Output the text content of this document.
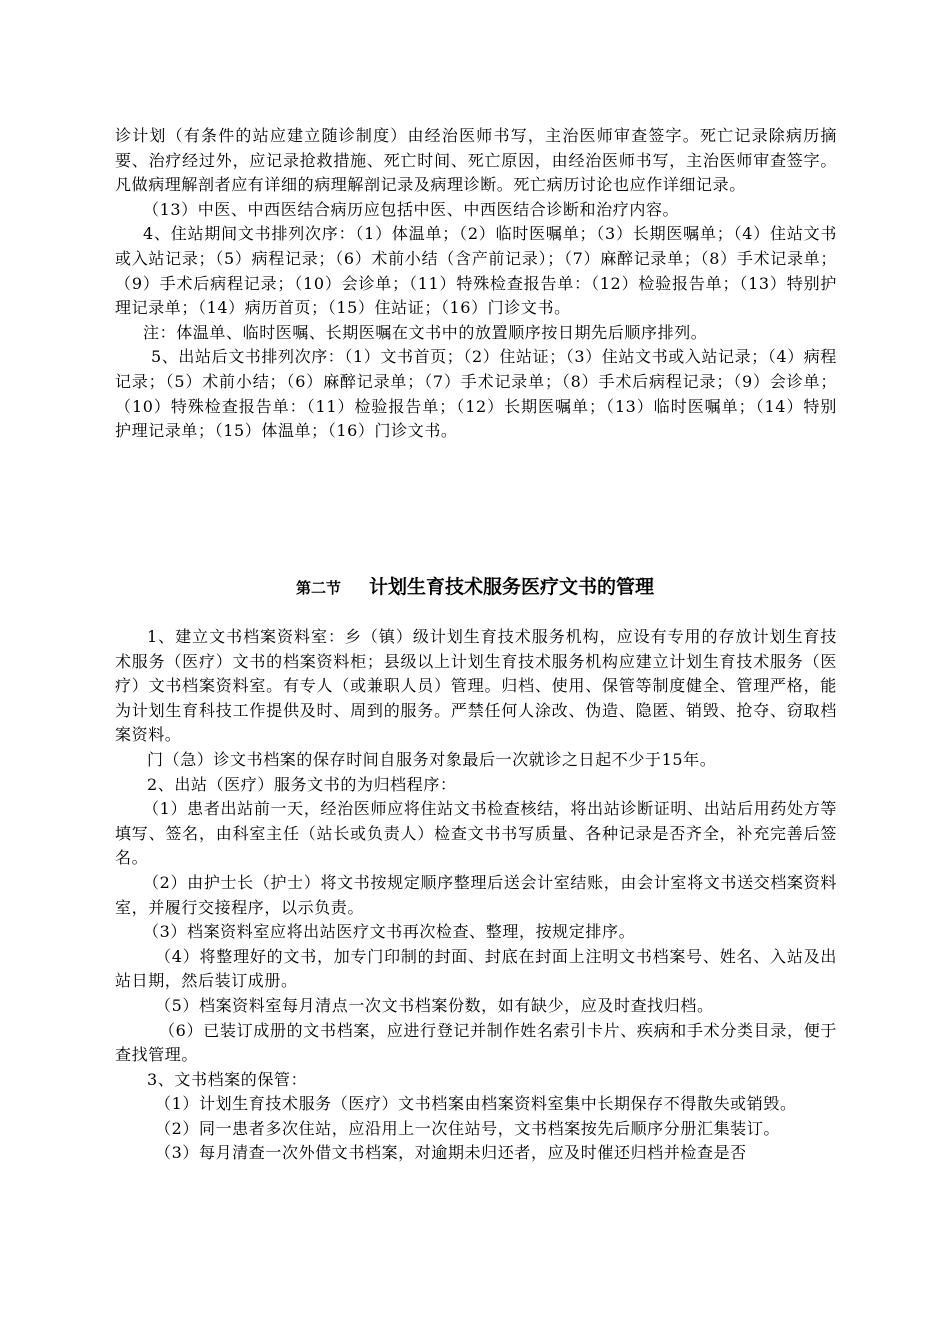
诊计划（有条件的站应建立随诊制度）由经治医师书写，主治医师审查签字。死亡记录除病历摘要、治疗经过外，应记录抢救措施、死亡时间、死亡原因，由经治医师书写，主治医师审查签字。凡做病理解剖者应有详细的病理解剖记录及病理诊断。死亡病历讨论也应作详细记录。

（13）中医、中西医结合病历应包括中医、中西医结合诊断和治疗内容。

4、住站期间文书排列次序：（1）体温单；（2）临时医嘱单；（3）长期医嘱单；（4）住站文书或入站记录；（5）病程记录；（6）术前小结（含产前记录）；（7）麻醉记录单；（8）手术记录单；（9）手术后病程记录；（10）会诊单；（11）特殊检查报告单：（12）检验报告单；（13）特别护理记录单；（14）病历首页；（15）住站证；（16）门诊文书。

注：体温单、临时医嘱、长期医嘱在文书中的放置顺序按日期先后顺序排列。

5、出站后文书排列次序：（1）文书首页；（2）住站证；（3）住站文书或入站记录；（4）病程记录；（5）术前小结；（6）麻醉记录单；（7）手术记录单；（8）手术后病程记录；（9）会诊单；（10）特殊检查报告单：（11）检验报告单；（12）长期医嘱单；（13）临时医嘱单；（14）特别护理记录单；（15）体温单；（16）门诊文书。

第二节 计划生育技术服务医疗文书的管理

1、建立文书档案资料室：乡（镇）级计划生育技术服务机构，应设有专用的存放计划生育技术服务（医疗）文书的档案资料柜；县级以上计划生育技术服务机构应建立计划生育技术服务（医疗）文书档案资料室。有专人（或兼职人员）管理。归档、使用、保管等制度健全、管理严格，能为计划生育科技工作提供及时、周到的服务。严禁任何人涂改、伪造、隐匿、销毁、抢夺、窃取档案资料。

门（急）诊文书档案的保存时间自服务对象最后一次就诊之日起不少于15年。

2、出站（医疗）服务文书的为归档程序：

（1）患者出站前一天，经治医师应将住站文书检查核结，将出站诊断证明、出站后用药处方等填写、签名，由科室主任（站长或负责人）检查文书书写质量、各种记录是否齐全，补充完善后签名。

（2）由护士长（护士）将文书按规定顺序整理后送会计室结账，由会计室将文书送交档案资料室，并履行交接程序，以示负责。

（3）档案资料室应将出站医疗文书再次检查、整理，按规定排序。

（4）将整理好的文书，加专门印制的封面、封底在封面上注明文书档案号、姓名、入站及出站日期，然后装订成册。

（5）档案资料室每月清点一次文书档案份数，如有缺少，应及时查找归档。

（6）已装订成册的文书档案，应进行登记并制作姓名索引卡片、疾病和手术分类目录，便于查找管理。

3、文书档案的保管：

（1）计划生育技术服务（医疗）文书档案由档案资料室集中长期保存不得散失或销毁。

（2）同一患者多次住站，应沿用上一次住站号，文书档案按先后顺序分册汇集装订。

（3）每月清查一次外借文书档案，对逾期未归还者，应及时催还归档并检查是否
